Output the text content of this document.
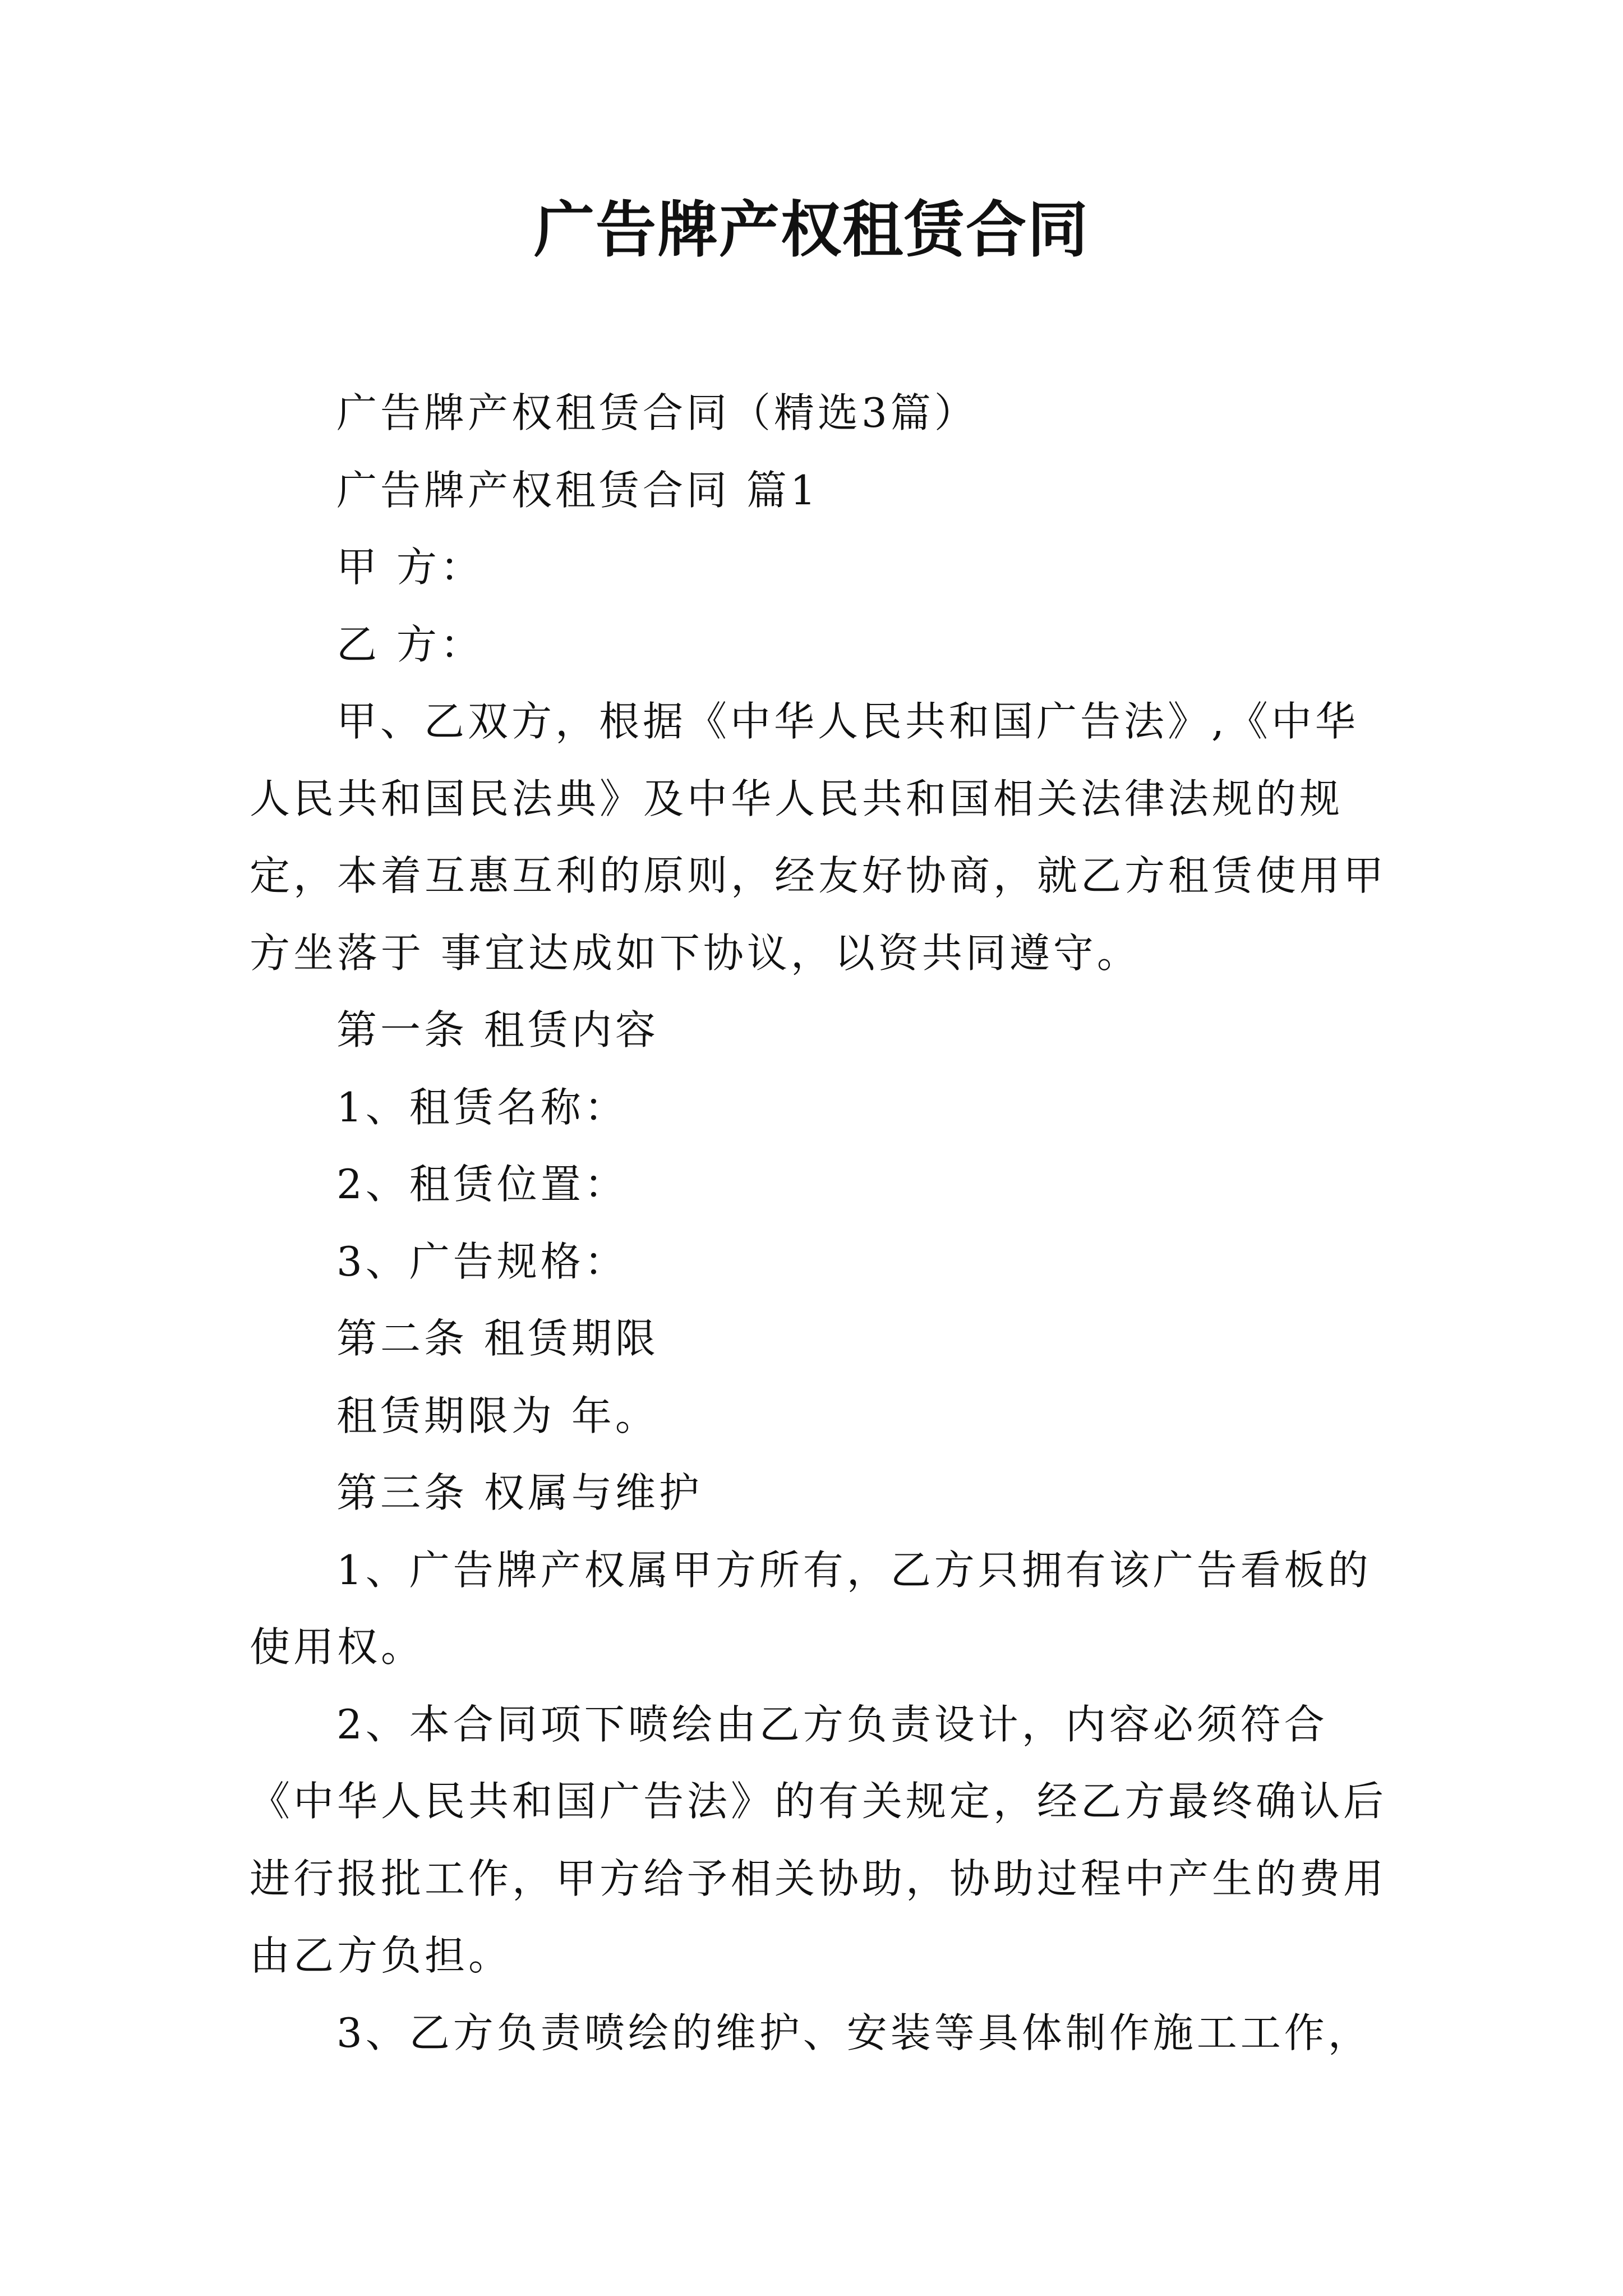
广告牌产权租赁合同

广告牌产权租赁合同（精选3篇）

广告牌产权租赁合同 篇1

甲 方：

乙 方：

甲、乙双方，根据《中华人民共和国广告法》,《中华人民共和国民法典》及中华人民共和国相关法律法规的规定，本着互惠互利的原则，经友好协商，就乙方租赁使用甲方坐落于 事宜达成如下协议，以资共同遵守。

第一条 租赁内容

1、租赁名称：

2、租赁位置：

3、广告规格：

第二条 租赁期限

租赁期限为 年。

第三条 权属与维护

1、广告牌产权属甲方所有，乙方只拥有该广告看板的使用权。

2、本合同项下喷绘由乙方负责设计，内容必须符合《中华人民共和国广告法》的有关规定，经乙方最终确认后进行报批工作，甲方给予相关协助，协助过程中产生的费用由乙方负担。

3、乙方负责喷绘的维护、安装等具体制作施工工作，
